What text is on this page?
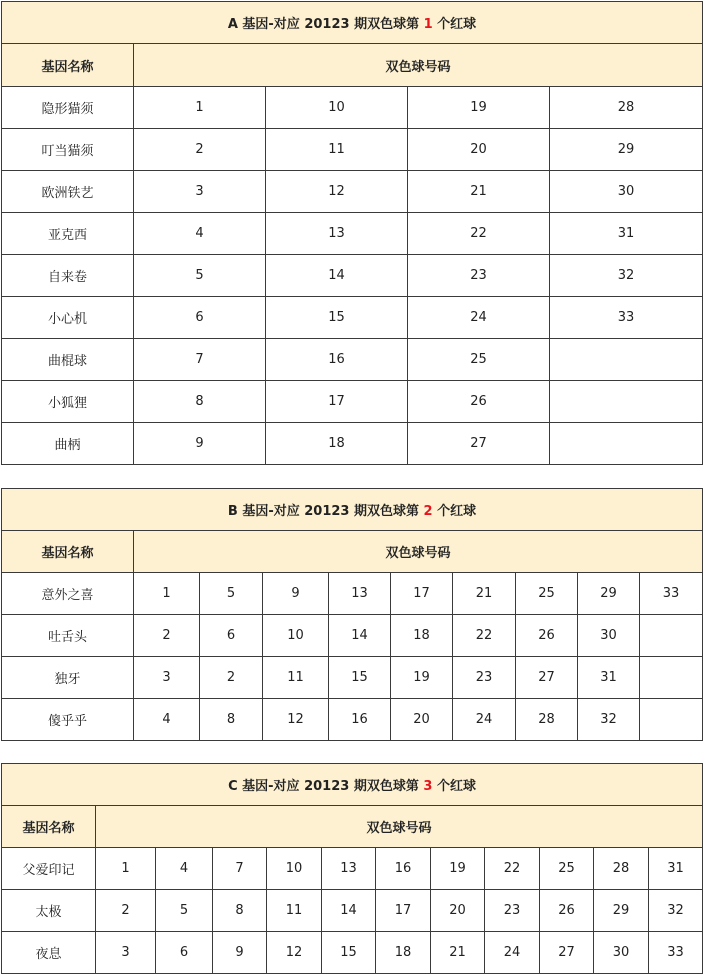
A 基因-对应 20123 期双色球第 1 个红球				
基因名称	双色球号码			
隐形猫须	1	10	19	28
叮当猫须	2	11	20	29
欧洲铁艺	3	12	21	30
亚克西	4	13	22	31
自来卷	5	14	23	32
小心机	6	15	24	33
曲棍球	7	16	25	
小狐狸	8	17	26	
曲柄	9	18	27	
B 基因-对应 20123 期双色球第 2 个红球									
基因名称	双色球号码								
意外之喜	1	5	9	13	17	21	25	29	33
吐舌头	2	6	10	14	18	22	26	30	
独牙	3	2	11	15	19	23	27	31	
傻乎乎	4	8	12	16	20	24	28	32	
C 基因-对应 20123 期双色球第 3 个红球											
基因名称	双色球号码										
父爱印记	1	4	7	10	13	16	19	22	25	28	31
太极	2	5	8	11	14	17	20	23	26	29	32
夜息	3	6	9	12	15	18	21	24	27	30	33
